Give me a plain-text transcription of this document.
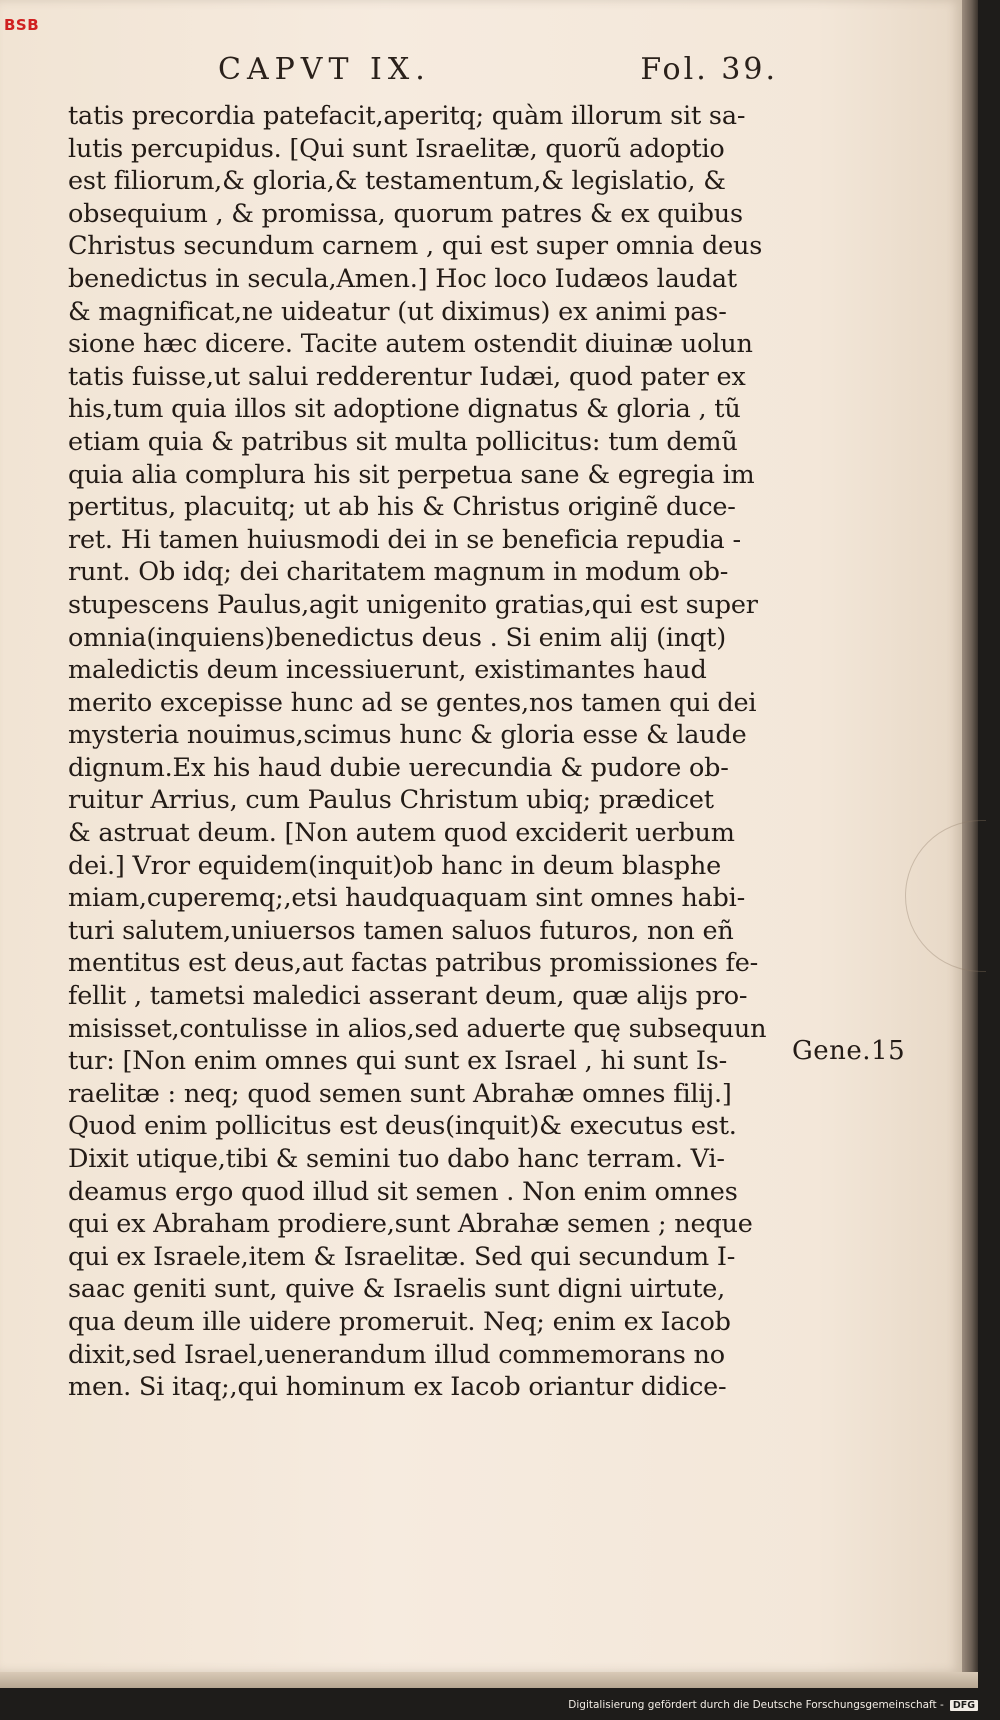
BSB
CAPVT IX.	Fol. 39.
tatis precordia patefacit,aperitq; quàm illorum sit sa-
lutis percupidus. [Qui sunt Israelitæ, quorũ adoptio
est filiorum,& gloria,& testamentum,& legislatio, &
obsequium , & promissa, quorum patres & ex quibus
Christus secundum carnem , qui est super omnia deus
benedictus in secula,Amen.] Hoc loco Iudæos laudat
& magnificat,ne uideatur (ut diximus) ex animi pas-
sione hæc dicere. Tacite autem ostendit diuinæ uolun
tatis fuisse,ut salui redderentur Iudæi, quod pater ex
his,tum quia illos sit adoptione dignatus & gloria , tũ
etiam quia & patribus sit multa pollicitus: tum demũ
quia alia complura his sit perpetua sane & egregia im
pertitus, placuitq; ut ab his & Christus originẽ duce-
ret. Hi tamen huiusmodi dei in se beneficia repudia -
runt. Ob idq; dei charitatem magnum in modum ob-
stupescens Paulus,agit unigenito gratias,qui est super
omnia(inquiens)benedictus deus . Si enim alij (inqt)
maledictis deum incessiuerunt, existimantes haud
merito excepisse hunc ad se gentes,nos tamen qui dei
mysteria nouimus,scimus hunc & gloria esse & laude
dignum.Ex his haud dubie uerecundia & pudore ob-
ruitur Arrius, cum Paulus Christum ubiq; prædicet
& astruat deum. [Non autem quod exciderit uerbum
dei.] Vror equidem(inquit)ob hanc in deum blasphe
miam,cuperemq;,etsi haudquaquam sint omnes habi-
turi salutem,uniuersos tamen saluos futuros, non eñ
mentitus est deus,aut factas patribus promissiones fe-
fellit , tametsi maledici asserant deum, quæ alijs pro-
misisset,contulisse in alios,sed aduerte quę subsequun
tur: [Non enim omnes qui sunt ex Israel , hi sunt Is-
raelitæ : neq; quod semen sunt Abrahæ omnes filij.]
Quod enim pollicitus est deus(inquit)& executus est.
Dixit utique,tibi & semini tuo dabo hanc terram. Vi-
deamus ergo quod illud sit semen . Non enim omnes
qui ex Abraham prodiere,sunt Abrahæ semen ; neque
qui ex Israele,item & Israelitæ. Sed qui secundum I-
saac geniti sunt, quive & Israelis sunt digni uirtute,
qua deum ille uidere promeruit. Neq; enim ex Iacob
dixit,sed Israel,uenerandum illud commemorans no
men. Si itaq;,qui hominum ex Iacob oriantur didice-
Gene.15
Digitalisierung gefördert durch die Deutsche Forschungsgemeinschaft - DFG
